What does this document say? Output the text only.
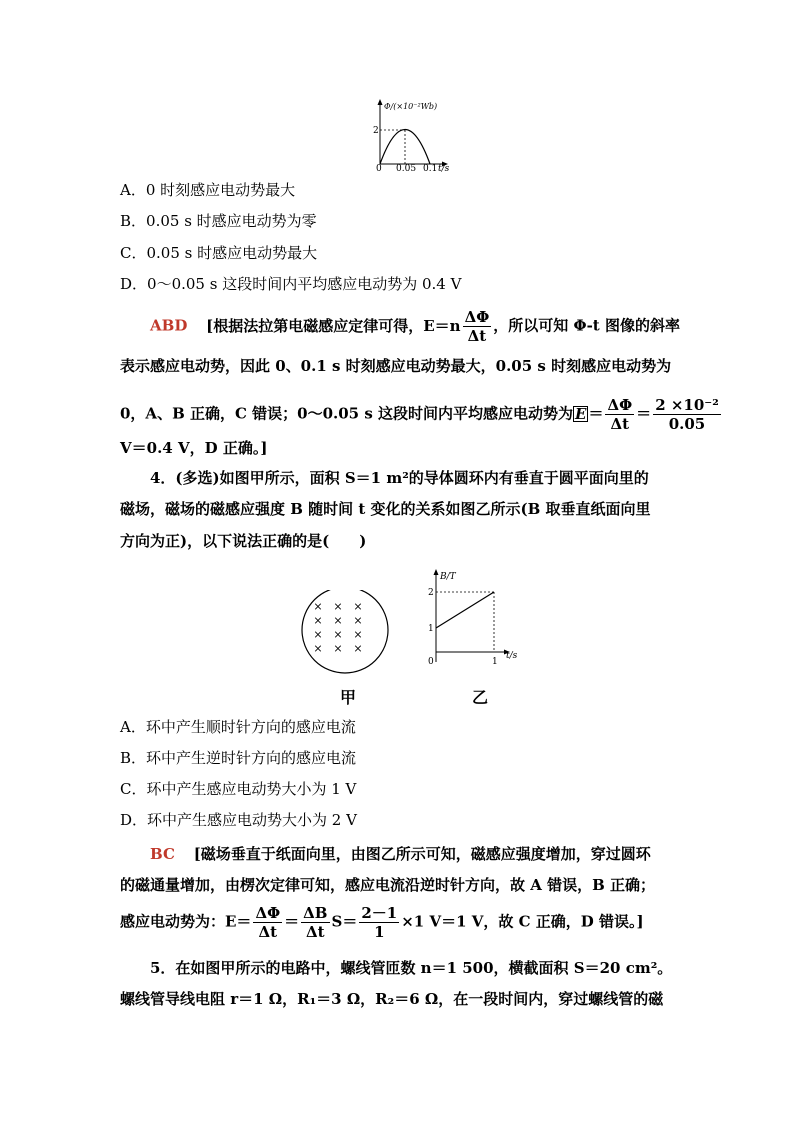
Φ/(×10⁻²Wb)
2
0 0.05 0.1 t/s
A．0 时刻感应电动势最大
B．0.05 s 时感应电动势为零
C．0.05 s 时感应电动势最大
D．0～0.05 s 这段时间内平均感应电动势为 0.4 V
ABD [根据法拉第电磁感应定律可得，$E=n \frac{\Delta\Phi}{\Delta t}$ ，所以可知 Φ-t 图像的斜率
表示感应电动势，因此 0、0.1 s 时刻感应电动势最大，0.05 s 时刻感应电动势为
0，A、B 正确，C 错误；0～0.05 s 这段时间内平均感应电动势为 $E = \frac{\Delta\Phi}{\Delta t} = \frac{\text{2 ×10⁻²}}{0.05}$
V＝0.4 V，D 正确。]
4．(多选)如图甲所示，面积 S＝1 m²的导体圆环内有垂直于圆平面向里的
磁场，磁场的磁感应强度 B 随时间 t 变化的关系如图乙所示(B 取垂直纸面向里
方向为正)，以下说法正确的是(　　)
× × ×
× × ×
× × ×
× × ×
甲
B/T
2
1
0	1
t/s
乙
A．环中产生顺时针方向的感应电流
B．环中产生逆时针方向的感应电流
C．环中产生感应电动势大小为 1 V
D．环中产生感应电动势大小为 2 V
BC [磁场垂直于纸面向里，由图乙所示可知，磁感应强度增加，穿过圆环
的磁通量增加，由楞次定律可知，感应电流沿逆时针方向，故 A 错误，B 正确；
感应电动势为：$E= \frac{\Delta\Phi}{\Delta t} = \frac{\Delta B}{\Delta t} S= \frac{2-1}{1} \times 1$ V＝1 V，故 C 正确，D 错误。]
5．在如图甲所示的电路中，螺线管匝数 n＝1 500，横截面积 S＝20 cm²。
螺线管导线电阻 r＝1 Ω，R₁＝3 Ω，R₂＝6 Ω，在一段时间内，穿过螺线管的磁
